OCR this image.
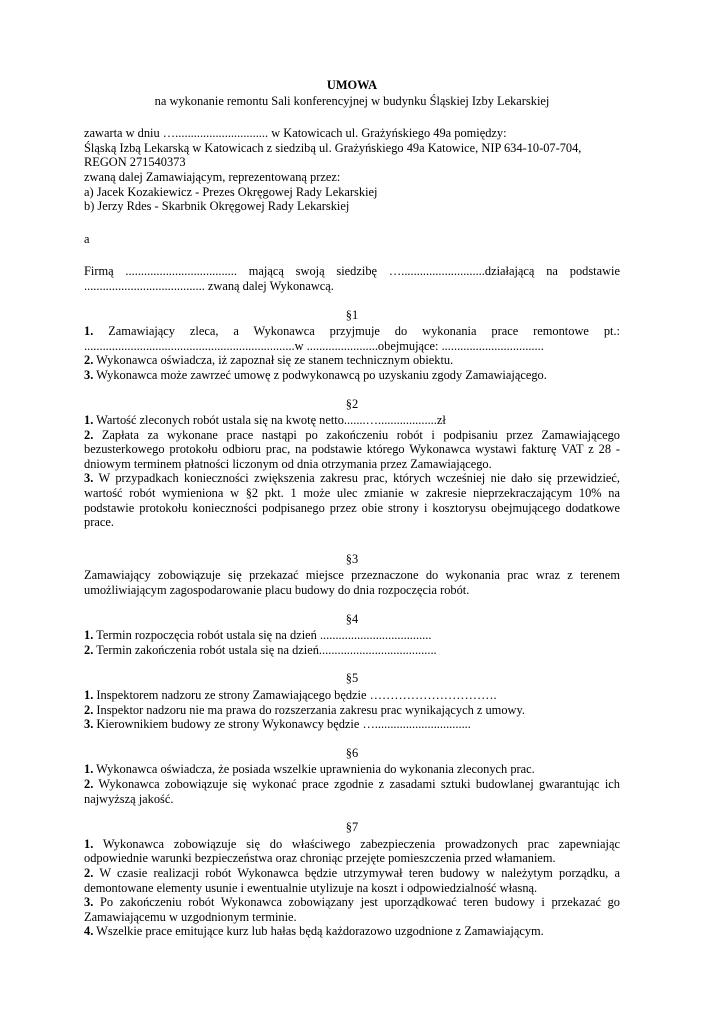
UMOWA
na wykonanie remontu Sali konferencyjnej w budynku Śląskiej Izby Lekarskiej

zawarta w dniu ….............................. w Katowicach ul. Grażyńskiego 49a pomiędzy:

Śląską Izbą Lekarską w Katowicach z siedzibą ul. Grażyńskiego 49a Katowice, NIP 634-10-07-704,

REGON 271540373

zwaną dalej Zamawiającym, reprezentowaną przez:

a) Jacek Kozakiewicz - Prezes Okręgowej Rady Lekarskiej

b) Jerzy Rdes - Skarbnik Okręgowej Rady Lekarskiej

a

Firmą .................................... mającą swoją siedzibę …...........................działającą na podstawie

....................................... zwaną dalej Wykonawcą.

§1

1. Zamawiający zleca, a Wykonawca przyjmuje do wykonania prace remontowe pt.:

....................................................................w .......................obejmujące: .................................

2. Wykonawca oświadcza, iż zapoznał się ze stanem technicznym obiektu.

3. Wykonawca może zawrzeć umowę z podwykonawcą po uzyskaniu zgody Zamawiającego.

§2

1. Wartość zleconych robót ustala się na kwotę netto.......…...................zł

2. Zapłata za wykonane prace nastąpi po zakończeniu robót i podpisaniu przez Zamawiającego bezusterkowego protokołu odbioru prac, na podstawie którego Wykonawca wystawi fakturę VAT z 28 -dniowym terminem płatności liczonym od dnia otrzymania przez Zamawiającego.

3. W przypadkach konieczności zwiększenia zakresu prac, których wcześniej nie dało się przewidzieć, wartość robót wymieniona w §2 pkt. 1 może ulec zmianie w zakresie nieprzekraczającym 10% na podstawie protokołu konieczności podpisanego przez obie strony i kosztorysu obejmującego dodatkowe prace.

§3

Zamawiający zobowiązuje się przekazać miejsce przeznaczone do wykonania prac wraz z terenem umożliwiającym zagospodarowanie placu budowy do dnia rozpoczęcia robót.

§4

1. Termin rozpoczęcia robót ustala się na dzień ....................................

2. Termin zakończenia robót ustala się na dzień......................................

§5

1. Inspektorem nadzoru ze strony Zamawiającego będzie ………………………….

2. Inspektor nadzoru nie ma prawa do rozszerzania zakresu prac wynikających z umowy.

3. Kierownikiem budowy ze strony Wykonawcy będzie …...............................

§6

1. Wykonawca oświadcza, że posiada wszelkie uprawnienia do wykonania zleconych prac.

2. Wykonawca zobowiązuje się wykonać prace zgodnie z zasadami sztuki budowlanej gwarantując ich najwyższą jakość.

§7

1. Wykonawca zobowiązuje się do właściwego zabezpieczenia prowadzonych prac zapewniając odpowiednie warunki bezpieczeństwa oraz chroniąc przejęte pomieszczenia przed włamaniem.

2. W czasie realizacji robót Wykonawca będzie utrzymywał teren budowy w należytym porządku, a demontowane elementy usunie i ewentualnie utylizuje na koszt i odpowiedzialność własną.

3. Po zakończeniu robót Wykonawca zobowiązany jest uporządkować teren budowy i przekazać go Zamawiającemu w uzgodnionym terminie.

4. Wszelkie prace emitujące kurz lub hałas będą każdorazowo uzgodnione z Zamawiającym.
